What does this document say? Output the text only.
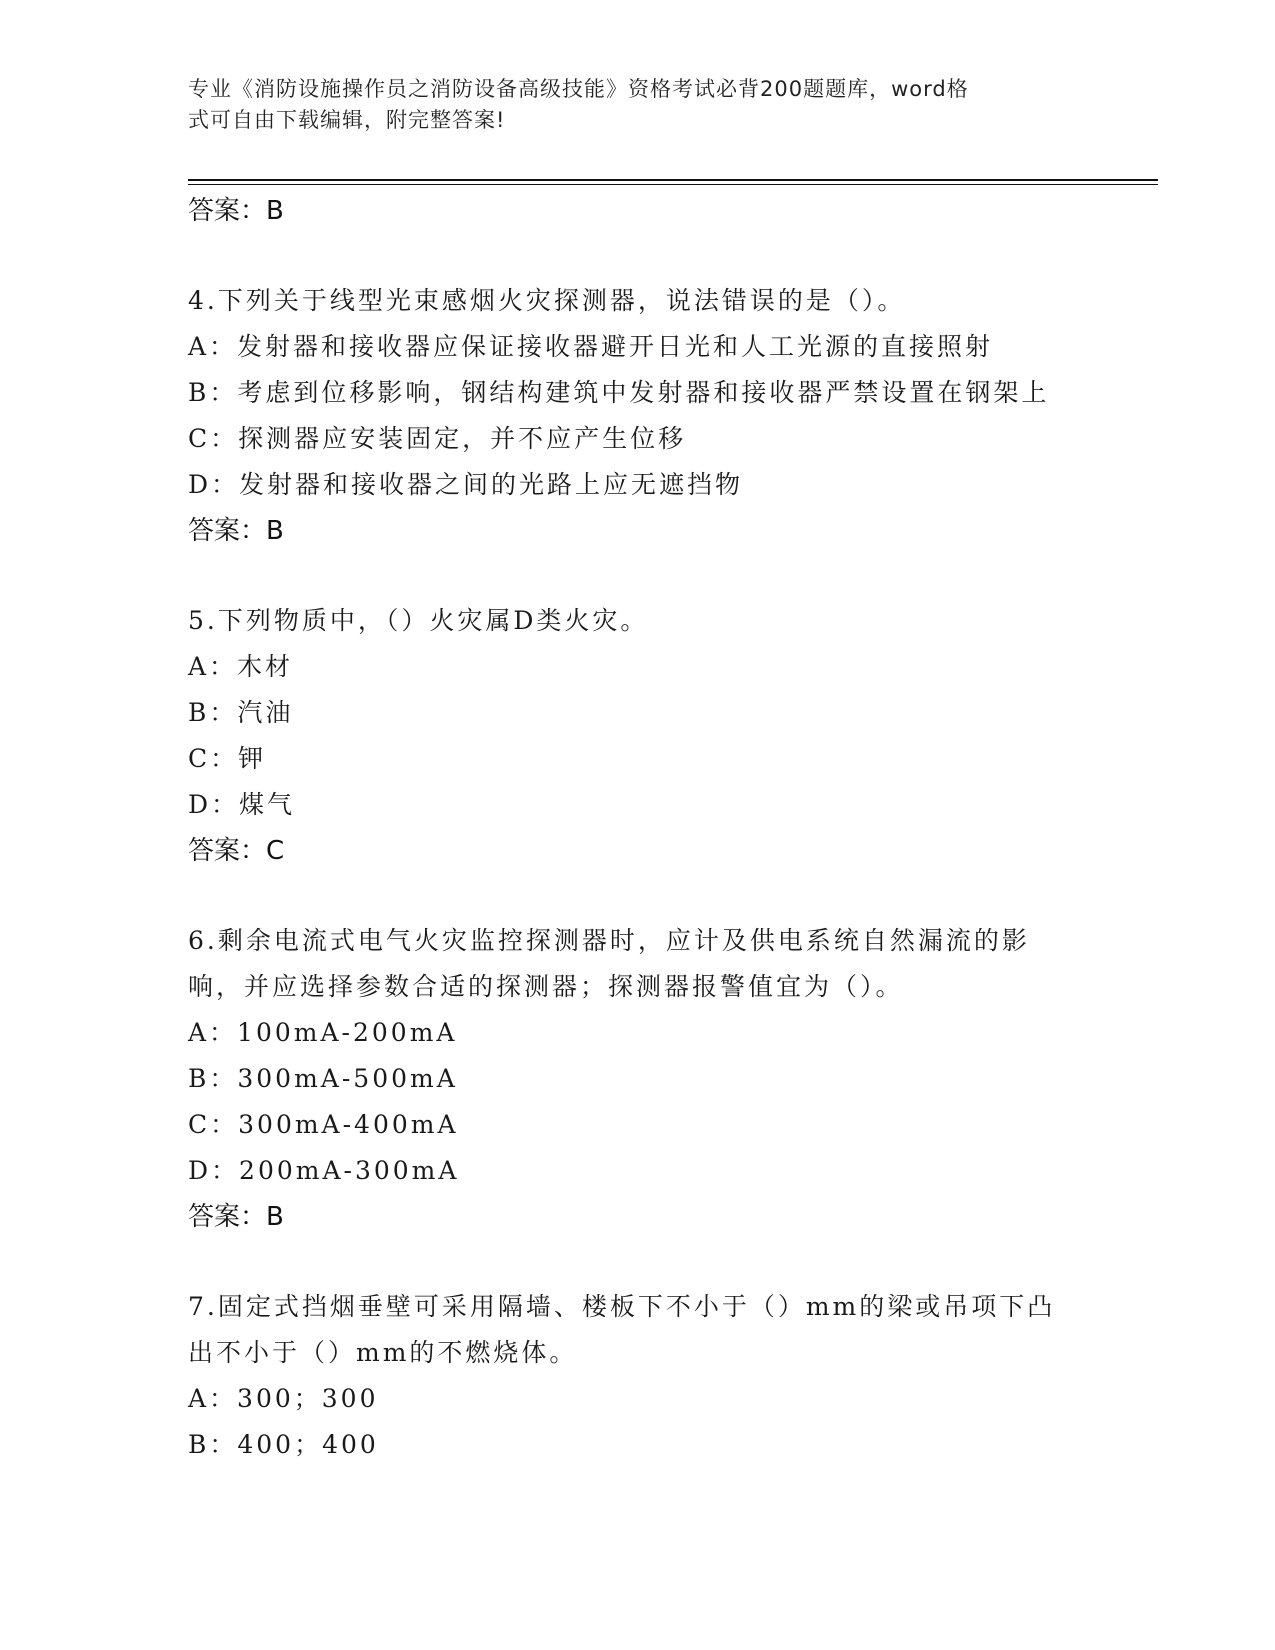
专业《消防设施操作员之消防设备高级技能》资格考试必背200题题库，word格
式可自由下载编辑，附完整答案!
答案：B
4.下列关于线型光束感烟火灾探测器，说法错误的是（）。
A：发射器和接收器应保证接收器避开日光和人工光源的直接照射
B：考虑到位移影响，钢结构建筑中发射器和接收器严禁设置在钢架上
C：探测器应安装固定，并不应产生位移
D：发射器和接收器之间的光路上应无遮挡物
答案：B
5.下列物质中，（）火灾属D类火灾。
A：木材
B：汽油
C：钾
D：煤气
答案：C
6.剩余电流式电气火灾监控探测器时，应计及供电系统自然漏流的影
响，并应选择参数合适的探测器；探测器报警值宜为（）。
A：100mA-200mA
B：300mA-500mA
C：300mA-400mA
D：200mA-300mA
答案：B
7.固定式挡烟垂壁可采用隔墙、楼板下不小于（）mm的梁或吊项下凸
出不小于（）mm的不燃烧体。
A：300；300
B：400；400
